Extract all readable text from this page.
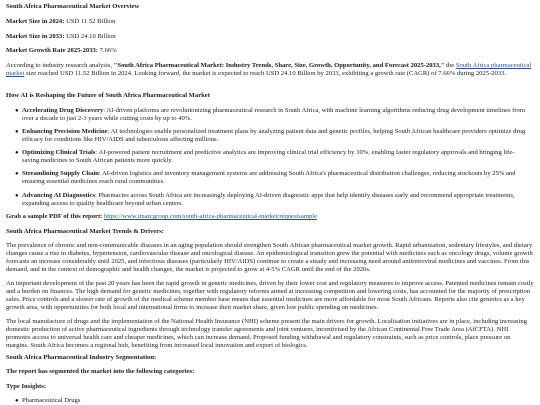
South Africa Pharmaceutical Market Overview

Market Size in 2024: USD 11.52 Billion

Market Size in 2033: USD 24.10 Billion

Market Growth Rate 2025-2033: 7.66%

According to industry research analysis, "South Africa Pharmaceutical Market: Industry Trends, Share, Size, Growth, Opportunity, and Forecast 2025-2033," the South Africa pharmaceutical market size reached USD 11.52 Billion in 2024. Looking forward, the market is expected to reach USD 24.10 Billion by 2033, exhibiting a growth rate (CAGR) of 7.66% during 2025-2033.

How AI is Reshaping the Future of South Africa Pharmaceutical Market

● Accelerating Drug Discovery: AI-driven platforms are revolutionizing pharmaceutical research in South Africa, with machine learning algorithms reducing drug development timelines from over a decade to just 2-3 years while cutting costs by up to 40%.
● Enhancing Precision Medicine: AI technologies enable personalized treatment plans by analyzing patient data and genetic profiles, helping South African healthcare providers optimize drug efficacy for conditions like HIV/AIDS and tuberculosis affecting millions.
● Optimizing Clinical Trials: AI-powered patient recruitment and predictive analytics are improving clinical trial efficiency by 30%, enabling faster regulatory approvals and bringing life-saving medicines to South African patients more quickly.
● Streamlining Supply Chain: AI-driven logistics and inventory management systems are addressing South Africa's pharmaceutical distribution challenges, reducing stockouts by 25% and ensuring essential medicines reach rural communities.
● Advancing AI Diagnostics: Pharmacies across South Africa are increasingly deploying AI-driven diagnostic apps that help identify diseases early and recommend appropriate treatments, expanding access to quality healthcare beyond urban centers.

Grab a sample PDF of this report: https://www.imarcgroup.com/south-africa-pharmaceutical-market/requestsample

South Africa Pharmaceutical Market Trends & Drivers:

The prevalence of chronic and non-communicable diseases in an aging population should strengthen South African pharmaceutical market growth. Rapid urbanization, sedentary lifestyles, and dietary changes cause a rise in diabetes, hypertension, cardiovascular disease and oncological disease. An epidemiological transition grew the potential with medicines such as oncology drugs, volume growth forecasts an increase considerably until 2025, and infectious diseases (particularly HIV/AIDS) continue to create a steady and increasing need around antiretroviral medicines and vaccines. From this demand, and in the context of demographic and health changes, the market is projected to grow at 4-5% CAGR until the end of the 2020s.

An important development of the past 20 years has been the rapid growth in generic medicines, driven by their lower cost and regulatory measures to improve access. Patented medicines remain costly and a burden on finances. The high demand for generic medicines, together with regulatory reforms aimed at increasing competition and lowering costs, has accounted for the majority of prescription sales. Price controls and a slower rate of growth of the medical scheme member base means that essential medicines are more affordable for most South Africans. Reports also cite generics as a key growth area, with opportunities for both local and international firms to increase their market share, given low public spending on medicines.

The local manufacture of drugs and the implementation of the National Health Insurance (NHI) scheme present the main drivers for growth. Localisation initiatives are in place, including increasing domestic production of active pharmaceutical ingredients through technology transfer agreements and joint ventures, incentivised by the African Continental Free Trade Area (AfCFTA). NHI promotes access to universal health care and cheaper medicines, which can increase demand. Proposed funding withdrawal and regulatory constraints, such as price controls, place pressure on margins. South Africa becomes a regional hub, benefiting from increased local innovation and export of biologics.

South Africa Pharmaceutical Industry Segmentation:

The report has segmented the market into the following categories:

Type Insights:

● Pharmaceutical Drugs
